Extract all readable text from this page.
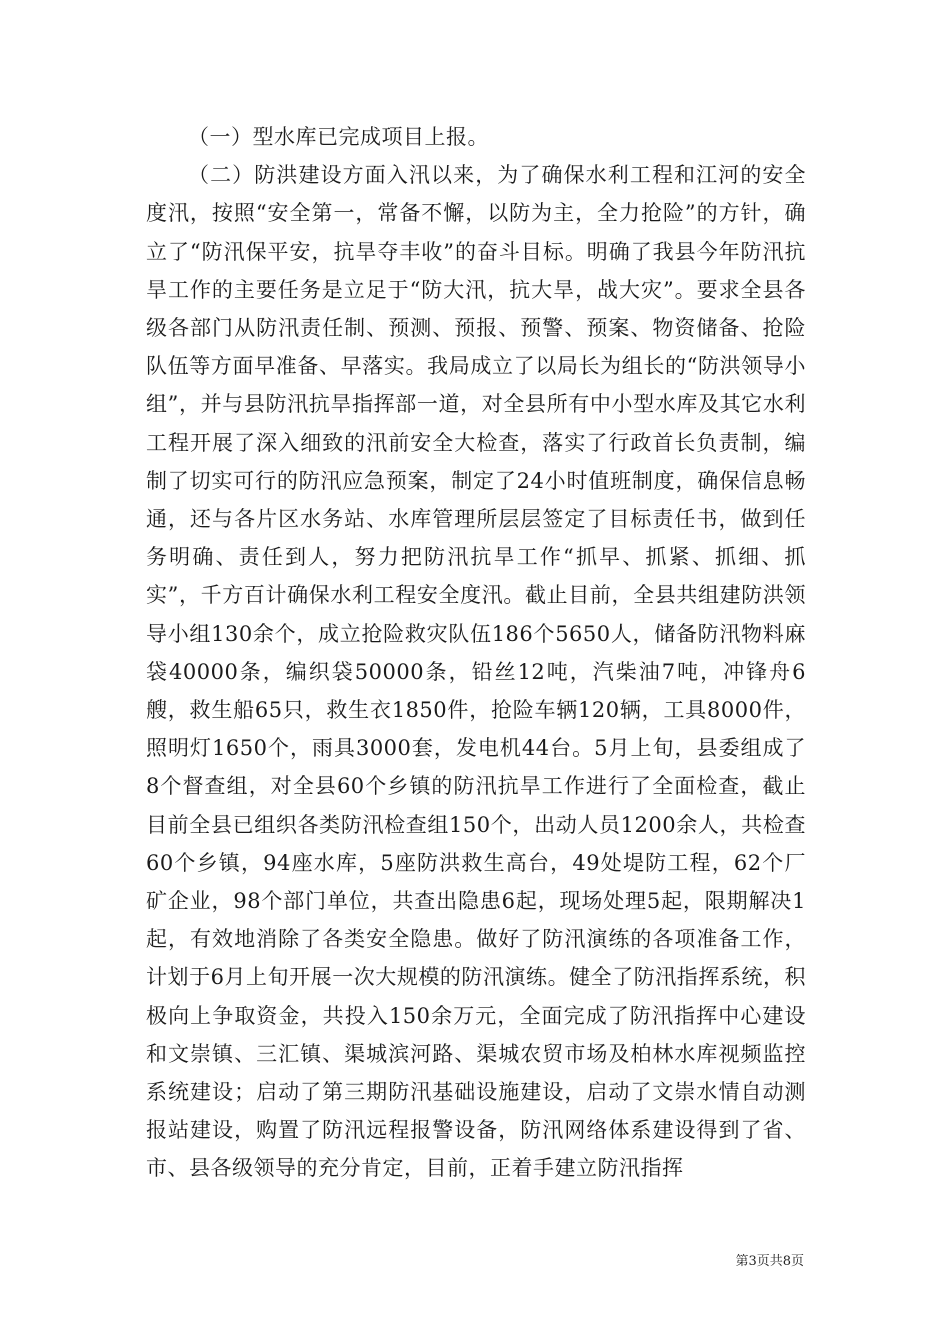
（一）型水库已完成项目上报。

（二）防洪建设方面入汛以来，为了确保水利工程和江河的安全度汛，按照“安全第一，常备不懈，以防为主，全力抢险”的方针，确立了“防汛保平安，抗旱夺丰收”的奋斗目标。明确了我县今年防汛抗旱工作的主要任务是立足于“防大汛，抗大旱，战大灾”。要求全县各级各部门从防汛责任制、预测、预报、预警、预案、物资储备、抢险队伍等方面早准备、早落实。我局成立了以局长为组长的“防洪领导小组”，并与县防汛抗旱指挥部一道，对全县所有中小型水库及其它水利工程开展了深入细致的汛前安全大检查，落实了行政首长负责制，编制了切实可行的防汛应急预案，制定了24小时值班制度，确保信息畅通，还与各片区水务站、水库管理所层层签定了目标责任书，做到任务明确、责任到人，努力把防汛抗旱工作“抓早、抓紧、抓细、抓实”，千方百计确保水利工程安全度汛。截止目前，全县共组建防洪领导小组130余个，成立抢险救灾队伍186个5650人，储备防汛物料麻袋40000条，编织袋50000条，铅丝12吨，汽柴油7吨，冲锋舟6艘，救生船65只，救生衣1850件，抢险车辆120辆，工具8000件，照明灯1650个，雨具3000套，发电机44台。5月上旬，县委组成了8个督查组，对全县60个乡镇的防汛抗旱工作进行了全面检查，截止目前全县已组织各类防汛检查组150个，出动人员1200余人，共检查60个乡镇，94座水库，5座防洪救生高台，49处堤防工程，62个厂矿企业，98个部门单位，共查出隐患6起，现场处理5起，限期解决1起，有效地消除了各类安全隐患。做好了防汛演练的各项准备工作，计划于6月上旬开展一次大规模的防汛演练。健全了防汛指挥系统，积极向上争取资金，共投入150余万元，全面完成了防汛指挥中心建设和文崇镇、三汇镇、渠城滨河路、渠城农贸市场及柏林水库视频监控系统建设；启动了第三期防汛基础设施建设，启动了文崇水情自动测报站建设，购置了防汛远程报警设备，防汛网络体系建设得到了省、市、县各级领导的充分肯定，目前，正着手建立防汛指挥

第3页共8页
